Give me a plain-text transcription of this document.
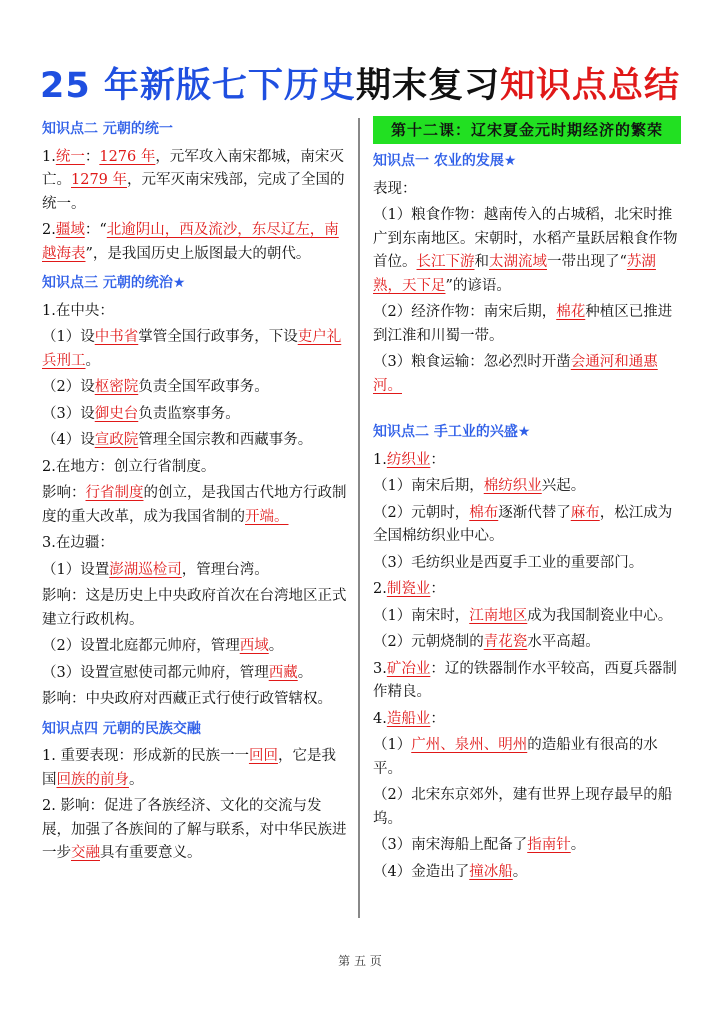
25 年新版七下历史期末复习知识点总结
知识点二 元朝的统一
1.统一：1276 年，元军攻入南宋都城，南宋灭亡。1279 年，元军灭南宋残部，完成了全国的统一。
2.疆域：“北逾阴山，西及流沙，东尽辽左，南越海表”，是我国历史上版图最大的朝代。
知识点三 元朝的统治★
1.在中央：
（1）设中书省掌管全国行政事务，下设吏户礼兵刑工。
（2）设枢密院负责全国军政事务。
（3）设御史台负责监察事务。
（4）设宣政院管理全国宗教和西藏事务。
2.在地方：创立行省制度。
影响：行省制度的创立，是我国古代地方行政制度的重大改革，成为我国省制的开端。
3.在边疆：
（1）设置澎湖巡检司，管理台湾。
影响：这是历史上中央政府首次在台湾地区正式建立行政机构。
（2）设置北庭都元帅府，管理西域。
（3）设置宣慰使司都元帅府，管理西藏。
影响：中央政府对西藏正式行使行政管辖权。
知识点四 元朝的民族交融
1. 重要表现：形成新的民族一一回回，它是我国回族的前身。
2. 影响：促进了各族经济、文化的交流与发展，加强了各族间的了解与联系，对中华民族进一步交融具有重要意义。
第十二课：辽宋夏金元时期经济的繁荣
知识点一 农业的发展★
表现：
（1）粮食作物：越南传入的占城稻，北宋时推广到东南地区。宋朝时，水稻产量跃居粮食作物首位。长江下游和太湖流域一带出现了“苏湖熟，天下足”的谚语。
（2）经济作物：南宋后期，棉花种植区已推进到江淮和川蜀一带。
（3）粮食运输：忽必烈时开凿会通河和通惠河。
知识点二 手工业的兴盛★
1.纺织业：
（1）南宋后期，棉纺织业兴起。
（2）元朝时，棉布逐渐代替了麻布，松江成为全国棉纺织业中心。
（3）毛纺织业是西夏手工业的重要部门。
2.制瓷业：
（1）南宋时，江南地区成为我国制瓷业中心。
（2）元朝烧制的青花瓷水平高超。
3.矿冶业：辽的铁器制作水平较高，西夏兵器制作精良。
4.造船业：
（1）广州、泉州、明州的造船业有很高的水平。
（2）北宋东京郊外，建有世界上现存最早的船坞。
（3）南宋海船上配备了指南针。
（4）金造出了撞冰船。
第 五 页
